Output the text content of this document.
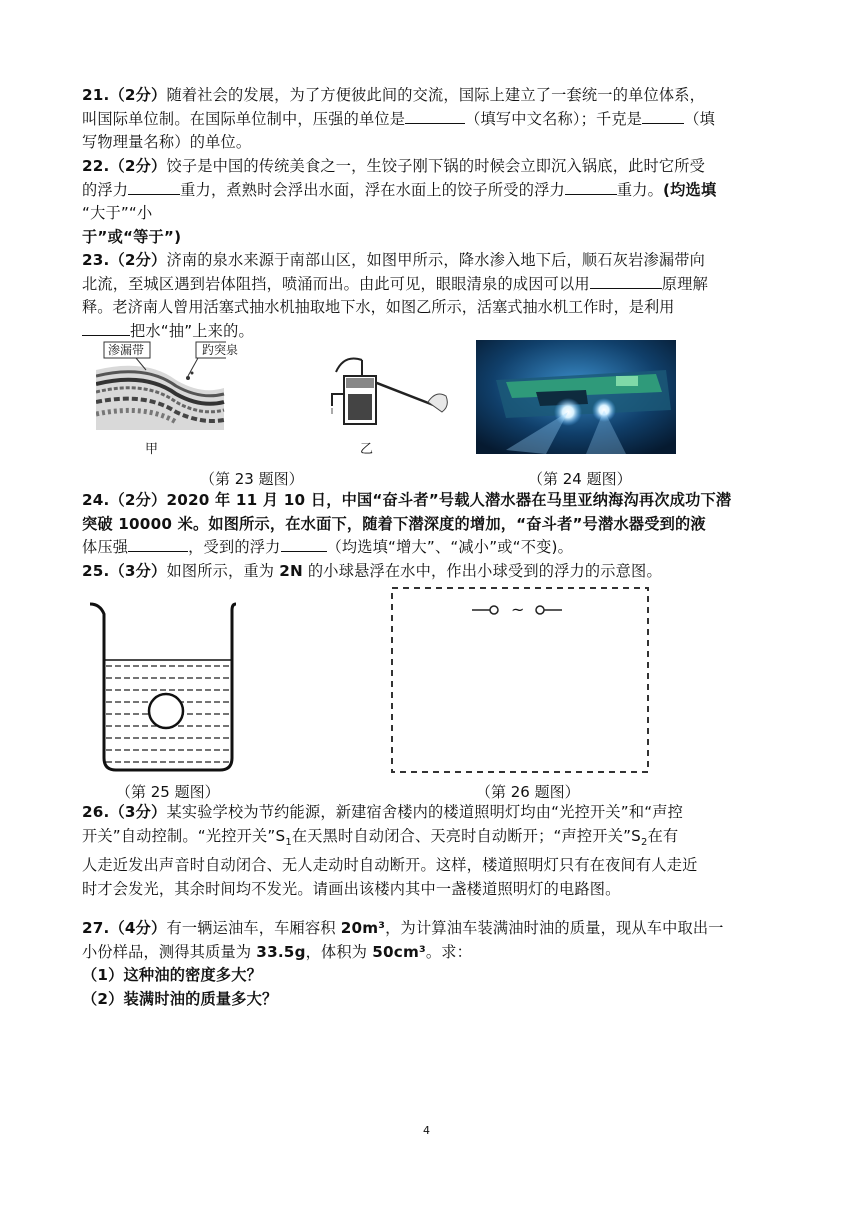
21.（2分）随着社会的发展，为了方便彼此间的交流，国际上建立了一套统一的单位体系，
叫国际单位制。在国际单位制中，压强的单位是	（填写中文名称）；千克是	（填
写物理量名称）的单位。
22.（2分）饺子是中国的传统美食之一，生饺子刚下锅的时候会立即沉入锅底，此时它所受
的浮力	重力，煮熟时会浮出水面，浮在水面上的饺子所受的浮力	重力。(均选填
“大于”“小
于”或“等于”)
23.（2分）济南的泉水来源于南部山区，如图甲所示，降水渗入地下后，顺石灰岩渗漏带向
北流，至城区遇到岩体阻挡，喷涌而出。由此可见，眼眼清泉的成因可以用	原理解
释。老济南人曾用活塞式抽水机抽取地下水，如图乙所示，活塞式抽水机工作时，是利用
把水“抽”上来的。
渗漏带	趵突泉
甲	乙
（第 23 题图）	（第 24 题图）
24.（2分）2020 年 11 月 10 日，中国“奋斗者”号载人潜水器在马里亚纳海沟再次成功下潜
突破 10000 米。如图所示，在水面下，随着下潜深度的增加，“奋斗者”号潜水器受到的液
体压强	，受到的浮力	（均选填“增大”、“减小”或“不变)。
25.（3分）如图所示，重为 2N 的小球悬浮在水中，作出小球受到的浮力的示意图。
~
（第 25 题图）	（第 26 题图）
26.（3分）某实验学校为节约能源，新建宿舍楼内的楼道照明灯均由“光控开关”和“声控
开关”自动控制。“光控开关$”S_1$在天黑时自动闭合、天亮时自动断开；“声控开关$”S_2$在有
人走近发出声音时自动闭合、无人走动时自动断开。这样，楼道照明灯只有在夜间有人走近
时才会发光，其余时间均不发光。请画出该楼内其中一盏楼道照明灯的电路图。
27.（4分）有一辆运油车，车厢容积 20m³，为计算油车装满油时油的质量，现从车中取出一
小份样品，测得其质量为 33.5g，体积为 50cm³。求：
（1）这种油的密度多大？
（2）装满时油的质量多大？
4
